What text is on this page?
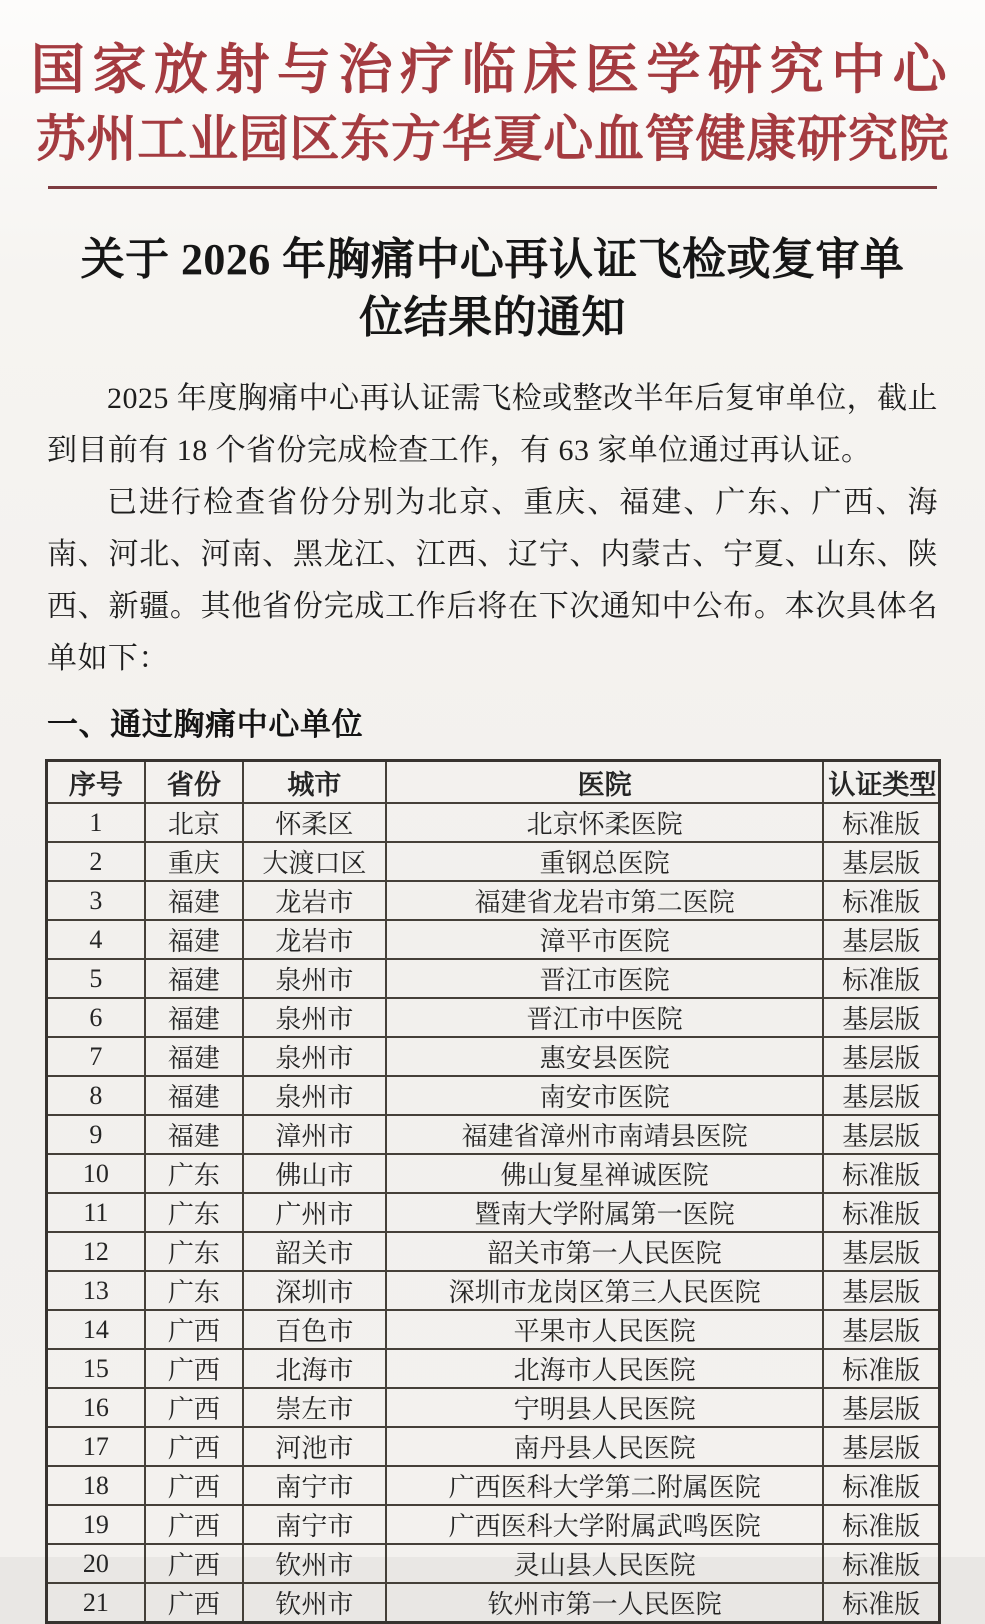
国家放射与治疗临床医学研究中心
苏州工业园区东方华夏心血管健康研究院
关于 2026 年胸痛中心再认证飞检或复审单
位结果的通知

2025 年度胸痛中心再认证需飞检或整改半年后复审单位，截止到目前有 18 个省份完成检查工作，有 63 家单位通过再认证。

已进行检查省份分别为北京、重庆、福建、广东、广西、海南、河北、河南、黑龙江、江西、辽宁、内蒙古、宁夏、山东、陕西、新疆。其他省份完成工作后将在下次通知中公布。本次具体名单如下：

一、通过胸痛中心单位
序号	省份	城市	医院	认证类型
1	北京	怀柔区	北京怀柔医院	标准版
2	重庆	大渡口区	重钢总医院	基层版
3	福建	龙岩市	福建省龙岩市第二医院	标准版
4	福建	龙岩市	漳平市医院	基层版
5	福建	泉州市	晋江市医院	标准版
6	福建	泉州市	晋江市中医院	基层版
7	福建	泉州市	惠安县医院	基层版
8	福建	泉州市	南安市医院	基层版
9	福建	漳州市	福建省漳州市南靖县医院	基层版
10	广东	佛山市	佛山复星禅诚医院	标准版
11	广东	广州市	暨南大学附属第一医院	标准版
12	广东	韶关市	韶关市第一人民医院	基层版
13	广东	深圳市	深圳市龙岗区第三人民医院	基层版
14	广西	百色市	平果市人民医院	基层版
15	广西	北海市	北海市人民医院	标准版
16	广西	崇左市	宁明县人民医院	基层版
17	广西	河池市	南丹县人民医院	基层版
18	广西	南宁市	广西医科大学第二附属医院	标准版
19	广西	南宁市	广西医科大学附属武鸣医院	标准版
20	广西	钦州市	灵山县人民医院	标准版
21	广西	钦州市	钦州市第一人民医院	标准版
